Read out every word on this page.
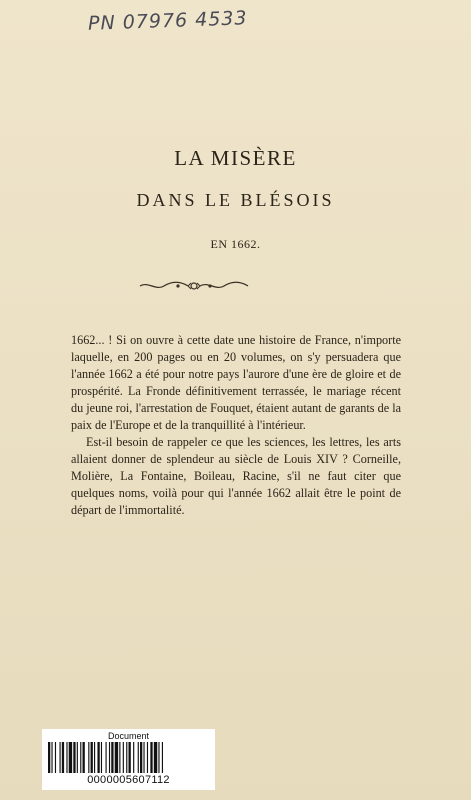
PN 07976 4533
LA MISÈRE
DANS LE BLÉSOIS
EN 1662.

1662... ! Si on ouvre à cette date une histoire de France, n'importe laquelle, en 200 pages ou en 20 volumes, on s'y persuadera que l'année 1662 a été pour notre pays l'aurore d'une ère de gloire et de prospérité. La Fronde définitivement terrassée, le mariage récent du jeune roi, l'arrestation de Fouquet, étaient autant de garants de la paix de l'Europe et de la tranquillité à l'intérieur.

Est-il besoin de rappeler ce que les sciences, les lettres, les arts allaient donner de splendeur au siècle de Louis XIV ? Corneille, Molière, La Fontaine, Boileau, Racine, s'il ne faut citer que quelques noms, voilà pour qui l'année 1662 allait être le point de départ de l'immortalité.

Document
0000005607112
